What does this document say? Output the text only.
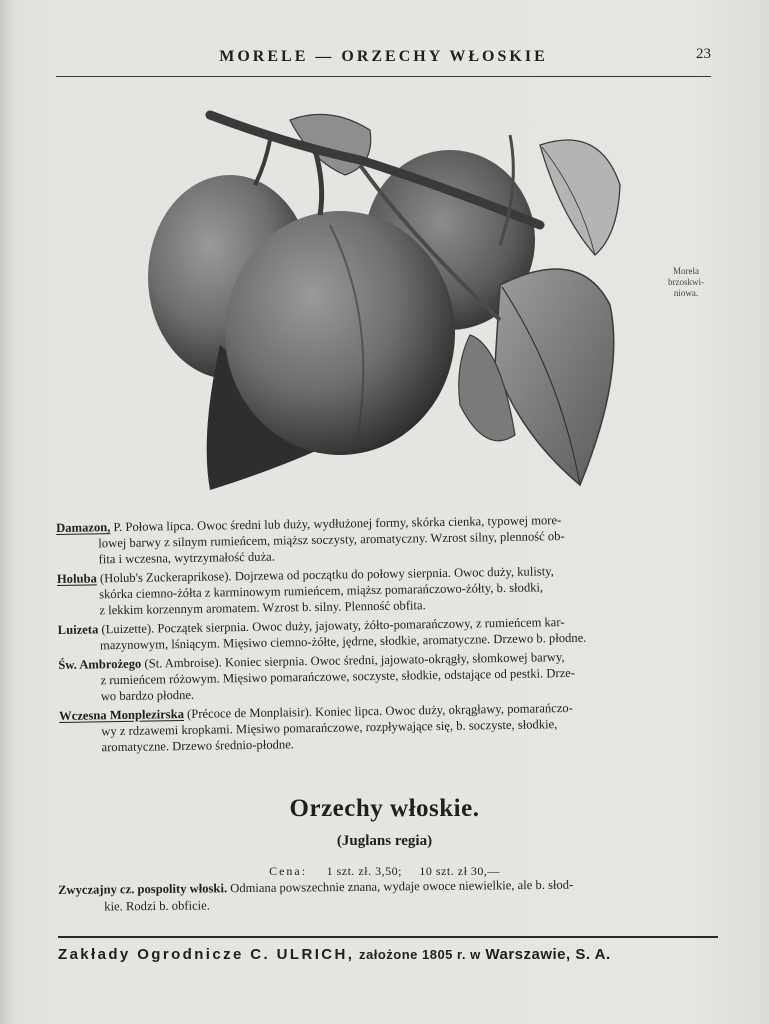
MORELE — ORZECHY WŁOSKIE	23
Morela
brzoskwi-
niowa.
Damazon, P. Połowa lipca. Owoc średni lub duży, wydłużonej formy, skórka cienka, typowej more-
lowej barwy z silnym rumieńcem, miąższ soczysty, aromatyczny. Wzrost silny, plenność ob-
fita i wczesna, wytrzymałość duża.
Holuba (Holub's Zuckeraprikose). Dojrzewa od początku do połowy sierpnia. Owoc duży, kulisty,
skórka ciemno-żółta z karminowym rumieńcem, miąższ pomarańczowo-żółty, b. słodki,
z lekkim korzennym aromatem. Wzrost b. silny. Plenność obfita.
Luizeta (Luizette). Początek sierpnia. Owoc duży, jajowaty, żółto-pomarańczowy, z rumieńcem kar-
mazynowym, lśniącym. Mięsiwo ciemno-żółte, jędrne, słodkie, aromatyczne. Drzewo b. płodne.
Św. Ambrożego (St. Ambroise). Koniec sierpnia. Owoc średni, jajowato-okrągły, słomkowej barwy,
z rumieńcem różowym. Mięsiwo pomarańczowe, soczyste, słodkie, odstające od pestki. Drze-
wo bardzo płodne.
Wczesna Monplezirska (Précoce de Monplaisir). Koniec lipca. Owoc duży, okrągławy, pomarańczo-
wy z rdzawemi kropkami. Mięsiwo pomarańczowe, rozpływające się, b. soczyste, słodkie,
aromatyczne. Drzewo średnio-płodne.
Orzechy włoskie.
(Juglans regia)
Cena: 1 szt. zł. 3,50; 10 szt. zł 30,—
Zwyczajny cz. pospolity włoski. Odmiana powszechnie znana, wydaje owoce niewielkie, ale b. słod-
kie. Rodzi b. obficie.
Zakłady Ogrodnicze C. ULRICH, założone 1805 r. w Warszawie, S. A.
